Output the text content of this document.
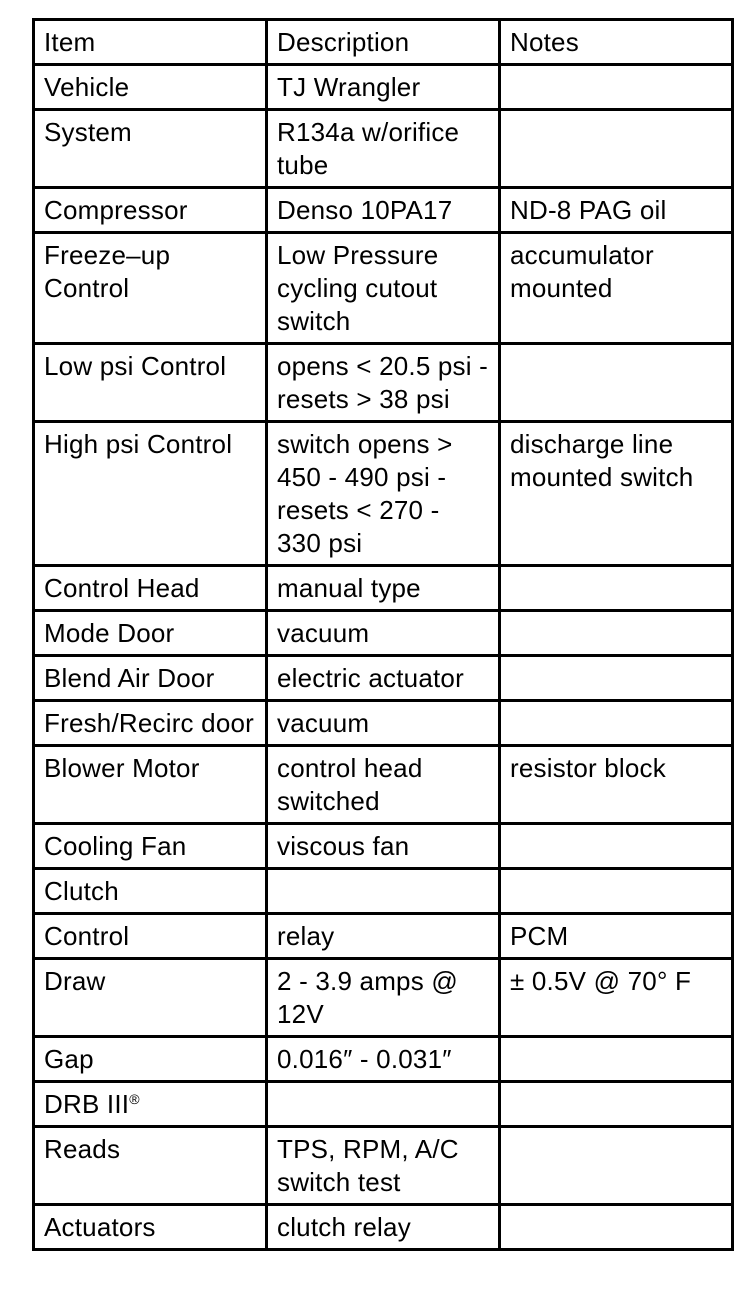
Item	Description	Notes
Vehicle	TJ Wrangler	
System	R134a w/orifice tube	
Compressor	Denso 10PA17	ND-8 PAG oil
Freeze–up Control	Low Pressure cycling cutout switch	accumulator mounted
Low psi Control	opens < 20.5 psi - resets > 38 psi	
High psi Control	switch opens > 450 - 490 psi - resets < 270 - 330 psi	discharge line mounted switch
Control Head	manual type	
Mode Door	vacuum	
Blend Air Door	electric actuator	
Fresh/Recirc door	vacuum	
Blower Motor	control head switched	resistor block
Cooling Fan	viscous fan	
Clutch		
Control	relay	PCM
Draw	2 - 3.9 amps @ 12V	± 0.5V @ 70° F
Gap	0.016″ - 0.031″	
DRB III®		
Reads	TPS, RPM, A/C switch test	
Actuators	clutch relay	
